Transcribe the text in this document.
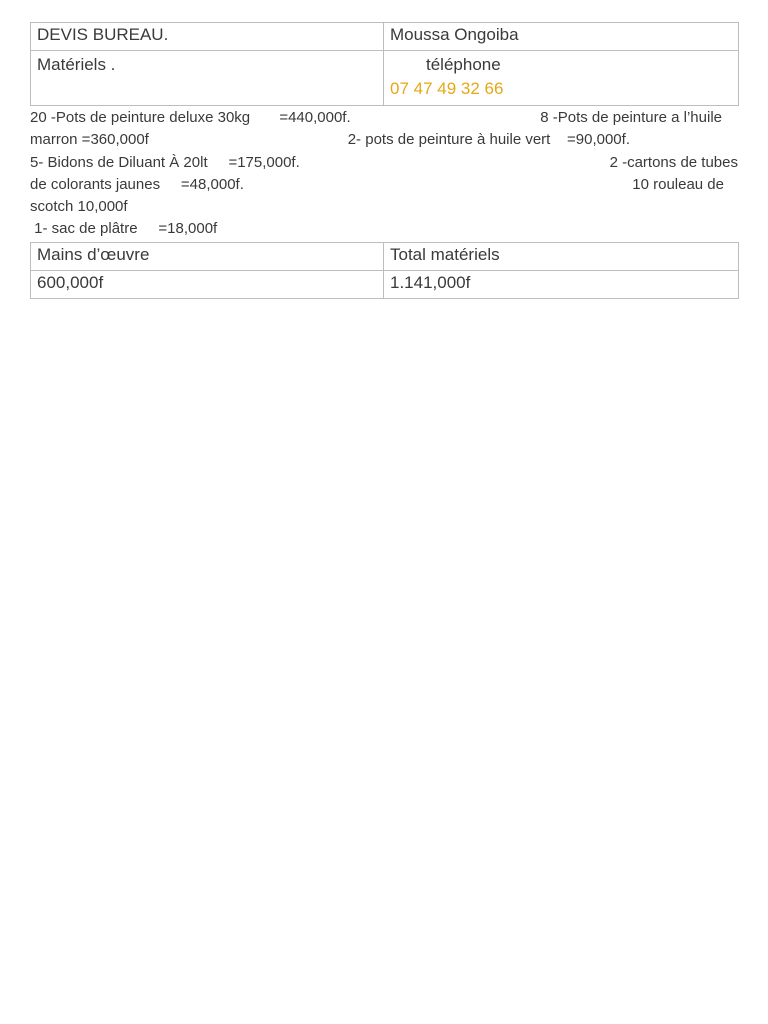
DEVIS BUREAU.	Moussa Ongoiba
Matériels .	téléphone
07 47 49 32 66
20 -Pots de peinture deluxe 30kg       =440,000f.	8 -Pots de peinture a l’huile
marron =360,000f	2- pots de peinture à huile vert    =90,000f.
5- Bidons de Diluant À 20lt     =175,000f.	2 -cartons de tubes
de colorants jaunes     =48,000f.	10 rouleau de
scotch 10,000f
1- sac de plâtre     =18,000f
Mains d’œuvre	Total matériels
600,000f	1.141,000f
